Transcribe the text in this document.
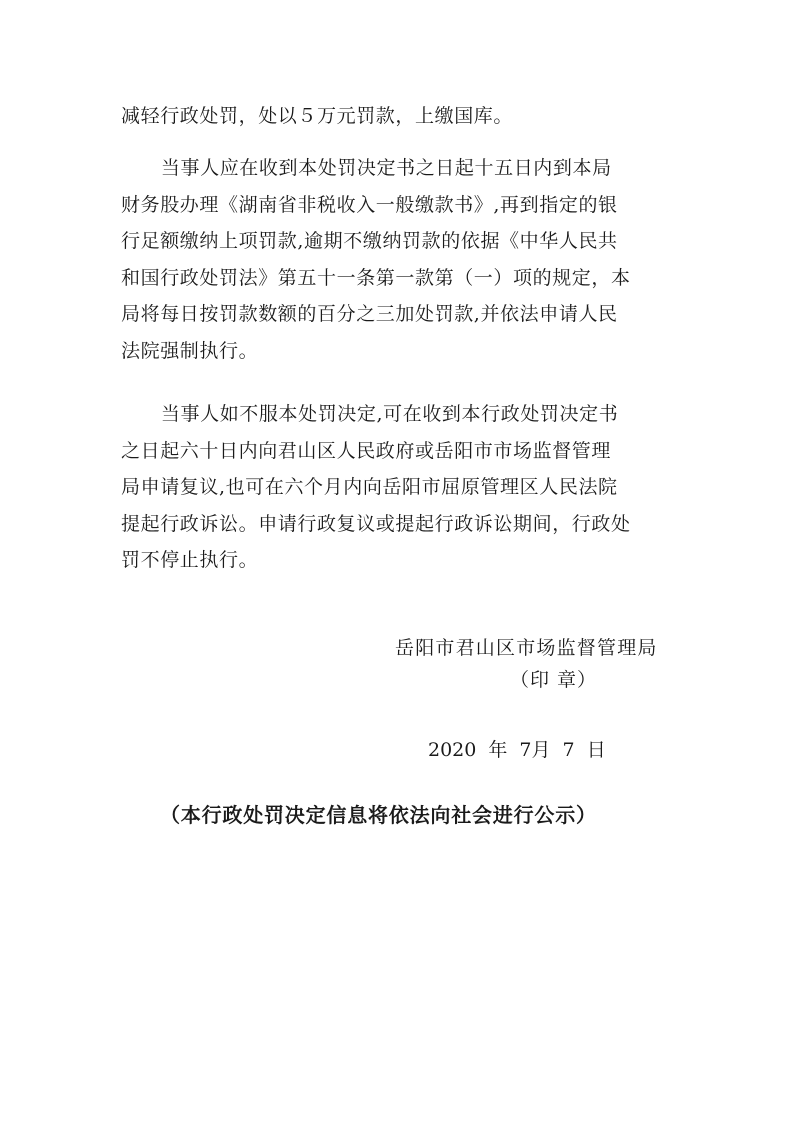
减轻行政处罚，处以５万元罚款，上缴国库。
当事人应在收到本处罚决定书之日起十五日内到本局
财务股办理《湖南省非税收入一般缴款书》,再到指定的银
行足额缴纳上项罚款,逾期不缴纳罚款的依据《中华人民共
和国行政处罚法》第五十一条第一款第（一）项的规定，本
局将每日按罚款数额的百分之三加处罚款,并依法申请人民
法院强制执行。
当事人如不服本处罚决定,可在收到本行政处罚决定书
之日起六十日内向君山区人民政府或岳阳市市场监督管理
局申请复议,也可在六个月内向岳阳市屈原管理区人民法院
提起行政诉讼。申请行政复议或提起行政诉讼期间，行政处
罚不停止执行。
岳阳市君山区市场监督管理局
（印 章）
2020 年 7月 7 日
（本行政处罚决定信息将依法向社会进行公示）
